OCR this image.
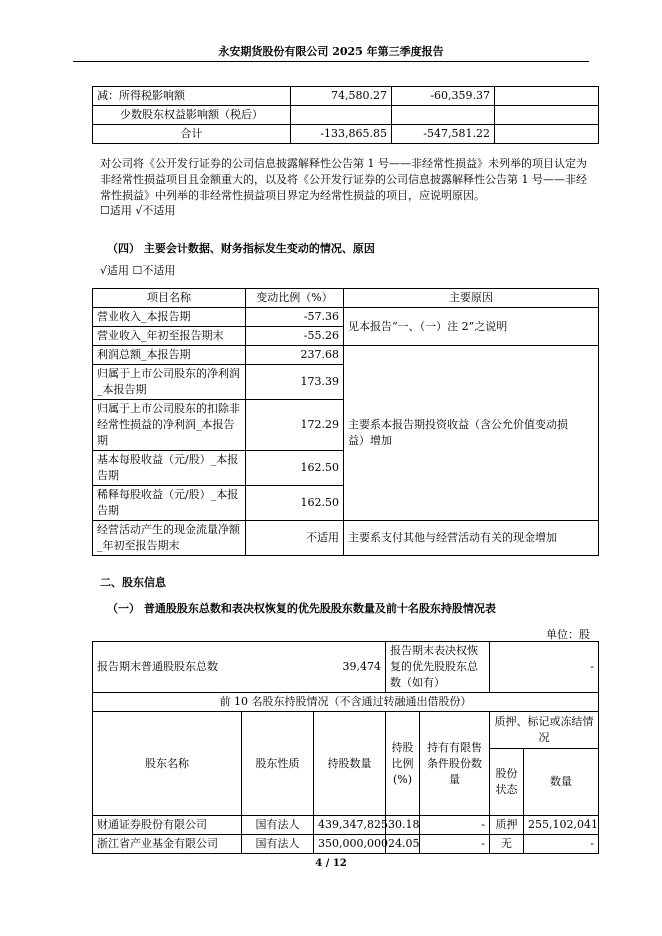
永安期货股份有限公司 2025 年第三季度报告
减：所得税影响额	74,580.27	-60,359.37	
少数股东权益影响额（税后）			
合计	-133,865.85	-547,581.22	
对公司将《公开发行证券的公司信息披露解释性公告第 1 号——非经常性损益》未列举的项目认定为非经常性损益项目且金额重大的，以及将《公开发行证券的公司信息披露解释性公告第 1 号——非经常性损益》中列举的非经常性损益项目界定为经常性损益的项目，应说明原因。
☐适用 √不适用
（四） 主要会计数据、财务指标发生变动的情况、原因
√适用 ☐不适用
项目名称	变动比例（%）	主要原因
营业收入_本报告期	-57.36	见本报告“一、（一）注 2”之说明
营业收入_年初至报告期末	-55.26	
利润总额_本报告期	237.68	主要系本报告期投资收益（含公允价值变动损益）增加
归属于上市公司股东的净利润_本报告期	173.39	
归属于上市公司股东的扣除非经常性损益的净利润_本报告期	172.29	
基本每股收益（元/股）_本报告期	162.50	
稀释每股收益（元/股）_本报告期	162.50	
经营活动产生的现金流量净额_年初至报告期末	不适用	主要系支付其他与经营活动有关的现金增加
二、股东信息
（一） 普通股股东总数和表决权恢复的优先股股东数量及前十名股东持股情况表
单位：股
报告期末普通股股东总数		39,474	报告期末表决权恢复的优先股股东总数（如有）		-	
前 10 名股东持股情况（不含通过转融通出借股份）						
股东名称	股东性质	持股数量	持股比例(%)	持有有限售条件股份数量	质押、标记或冻结情况	
					股份状态	数量
财通证券股份有限公司	国有法人	439,347,825	30.18	-	质押	255,102,041
浙江省产业基金有限公司	国有法人	350,000,000	24.05	-	无	-
4 / 12
